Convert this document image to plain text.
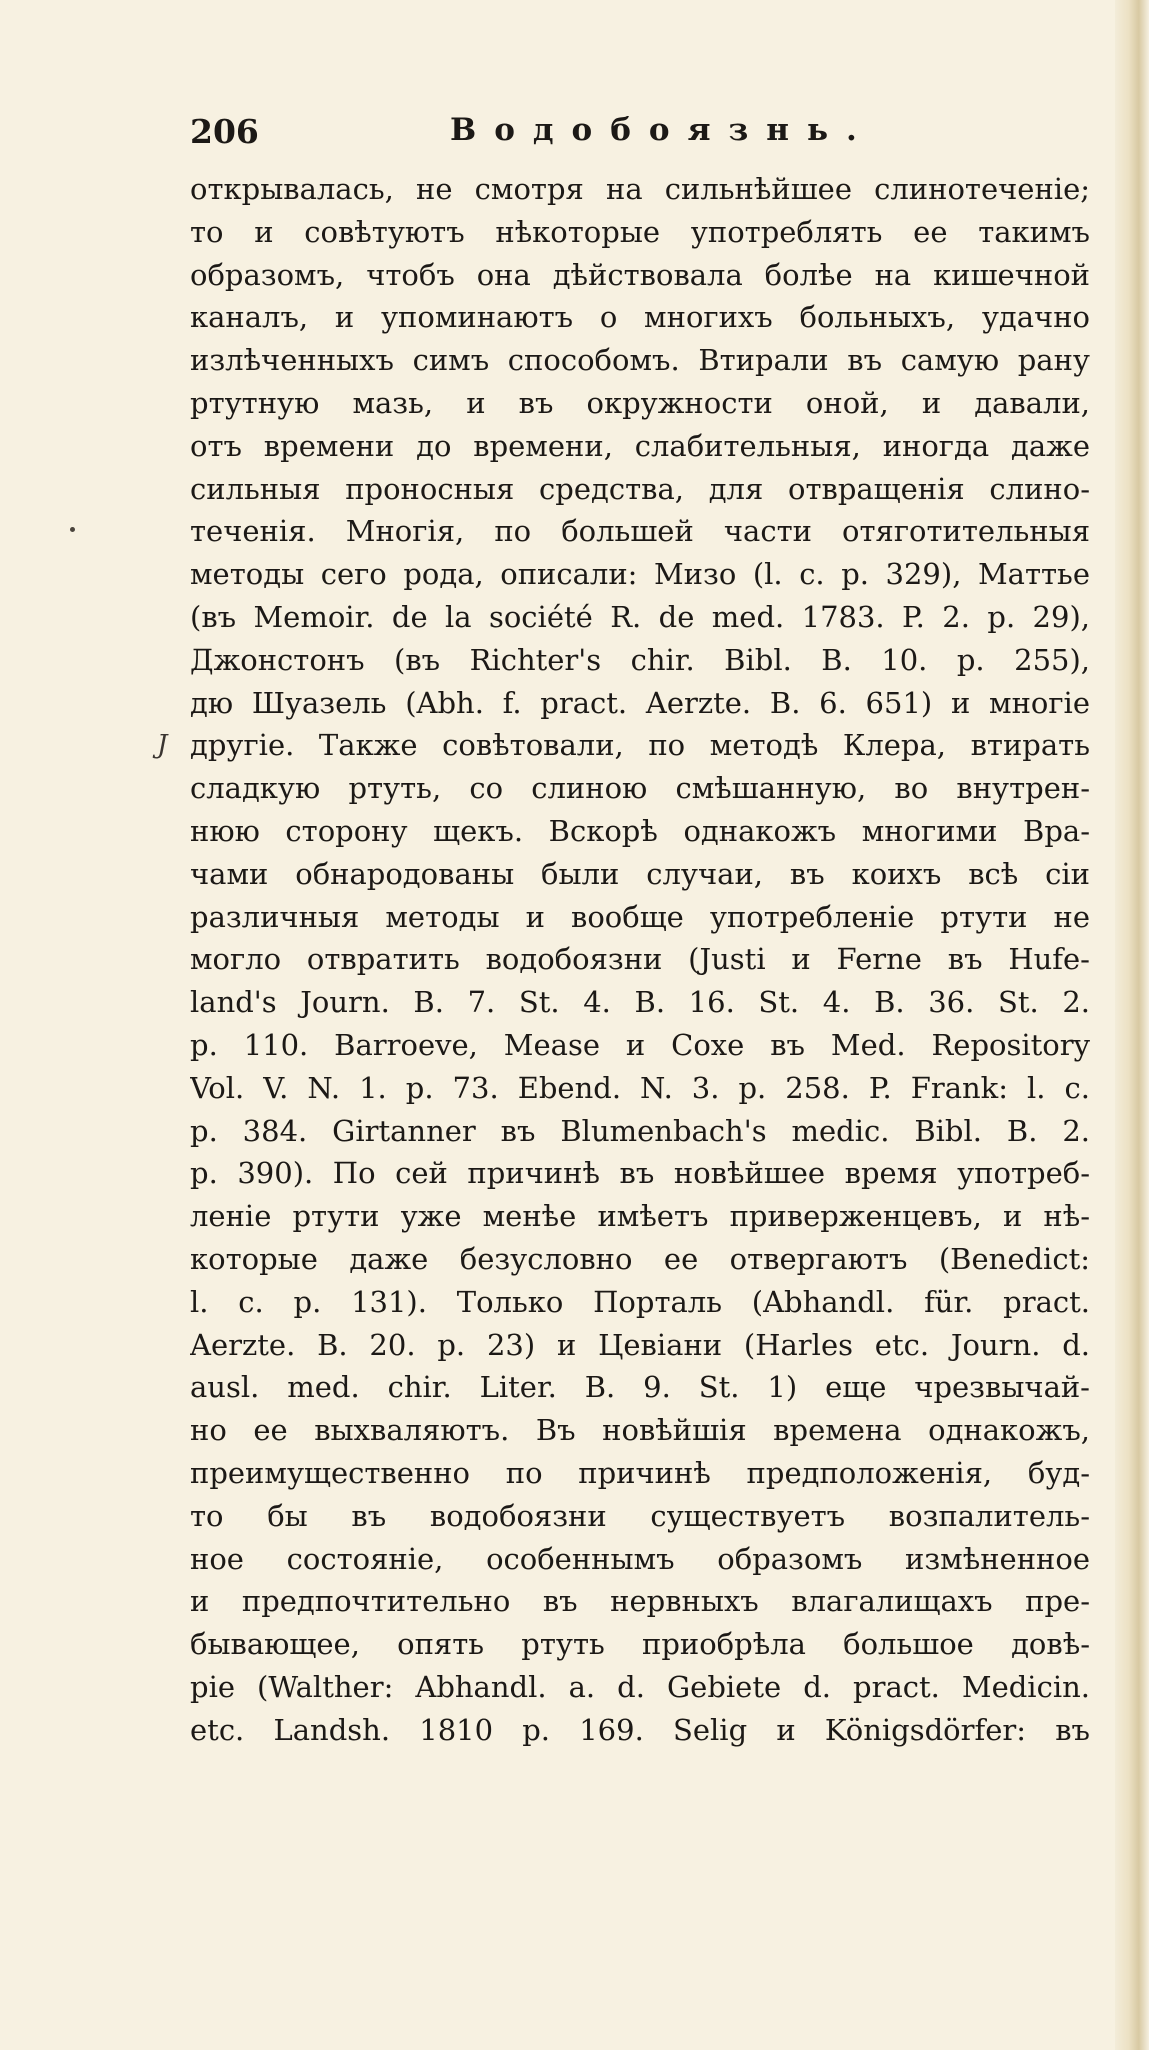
206	Водобоязнь.
J
открывалась, не смотря на сильнѣйшее слинотеченіе;
то и совѣтуютъ нѣкоторые употреблять ее такимъ
образомъ, чтобъ она дѣйствовала болѣе на кишечной
каналъ, и упоминаютъ о многихъ больныхъ, удачно
излѣченныхъ симъ способомъ. Втирали въ самую рану
ртутную мазь, и въ окружности оной, и давали,
отъ времени до времени, слабительныя, иногда даже
сильныя проносныя средства, для отвращенія слино-
теченія. Многія, по большей части отяготительныя
методы сего рода, описали: Мизо (l. c. p. 329), Маттье
(въ Memoir. de la société R. de med. 1783. P. 2. p. 29),
Джонстонъ (въ Richter's chir. Bibl. B. 10. p. 255),
дю Шуазель (Abh. f. pract. Aerzte. B. 6. 651) и многіе
другіе. Также совѣтовали, по методѣ Клера, втирать
сладкую ртуть, со слиною смѣшанную, во внутрен-
нюю сторону щекъ. Вскорѣ однакожъ многими Вра-
чами обнародованы были случаи, въ коихъ всѣ сіи
различныя методы и вообще употребленіе ртути не
могло отвратить водобоязни (Justi и Ferne въ Hufe-
land's Journ. B. 7. St. 4. B. 16. St. 4. B. 36. St. 2.
p. 110. Barroeve, Mease и Coxe въ Med. Repository
Vol. V. N. 1. p. 73. Ebend. N. 3. p. 258. P. Frank: l. c.
p. 384. Girtanner въ Blumenbach's medic. Bibl. B. 2.
p. 390). По сей причинѣ въ новѣйшее время употреб-
леніе ртути уже менѣе имѣетъ приверженцевъ, и нѣ-
которые даже безусловно ее отвергаютъ (Benedict:
l. c. p. 131). Только Порталь (Abhandl. für. pract.
Aerzte. B. 20. p. 23) и Цевіани (Harles etc. Journ. d.
ausl. med. chir. Liter. B. 9. St. 1) еще чрезвычай-
но ее выхваляютъ. Въ новѣйшія времена однакожъ,
преимущественно по причинѣ предположенія, буд-
то бы въ водобоязни существуетъ возпалитель-
ное состояніе, особеннымъ образомъ измѣненное
и предпочтительно въ нервныхъ влагалищахъ пре-
бывающее, опять ртуть приобрѣла большое довѣ-
ріе (Walther: Abhandl. a. d. Gebiete d. pract. Medicin.
etc. Landsh. 1810 p. 169. Selig и Königsdörfer: въ
